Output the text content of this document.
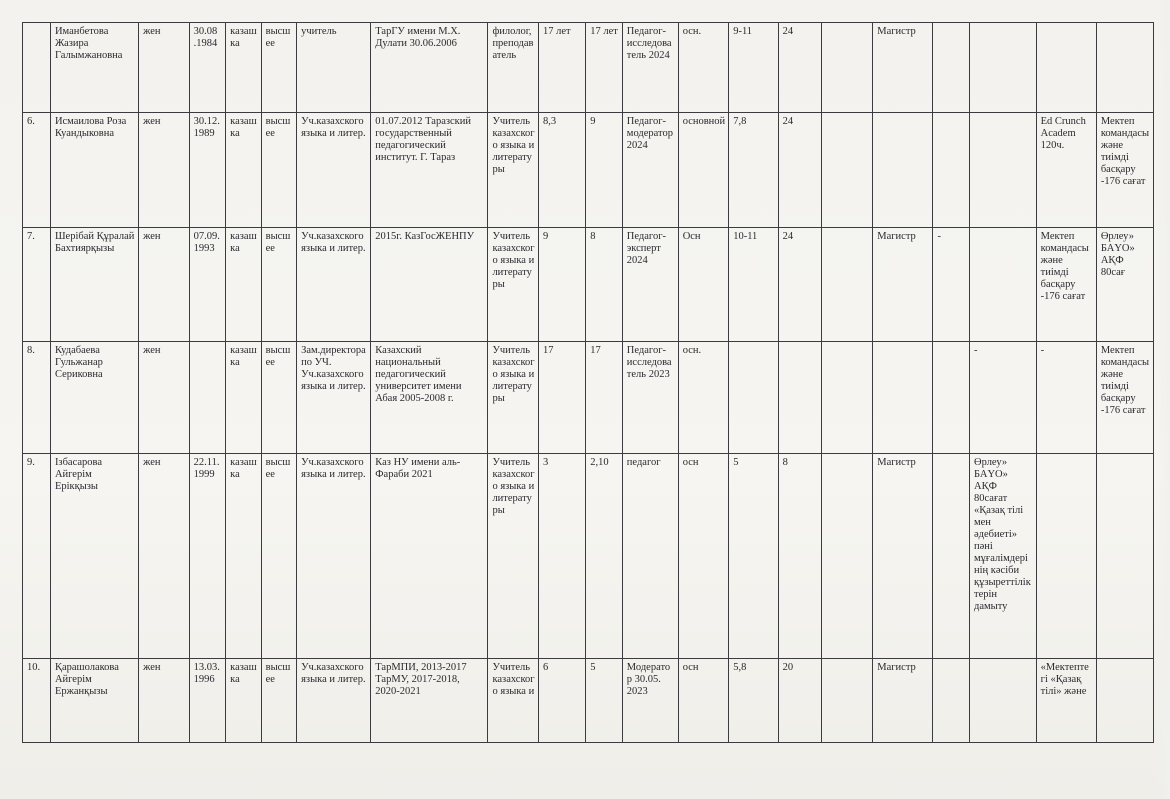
	Иманбетова Жазира Галымжановна	жен	30.08 .1984	казашка	высшее	учитель	ТарГУ имени М.Х. Дулати 30.06.2006	филолог, преподаватель	17 лет	17 лет	Педагог-исследователь 2024	осн.	9-11	24		Магистр				
6.	Исмаилова Роза Куандыковна	жен	30.12. 1989	казашка	высшее	Уч.казахского языка и литер.	01.07.2012 Таразский государственный педагогический институт. Г. Тараз	Учитель казахского языка и литературы	8,3	9	Педагог-модератор 2024	основной	7,8	24					Ed Crunch Academ 120ч.	Мектеп командасы және тиімді басқару -176 сағат
7.	Шерібай Құралай Бахтиярқызы	жен	07.09. 1993	казашка	высшее	Уч.казахского языка и литер.	2015г. КазГосЖЕНПУ	Учитель казахского языка и литературы	9	8	Педагог-эксперт 2024	Осн	10-11	24		Магистр	-		Мектеп командасы және тиімді басқару -176 сағат	Өрлеу» БАҮО» АҚФ 80сағ
8.	Кудабаева Гульжанар Сериковна	жен		казашка	высшее	Зам.директора по УЧ. Уч.казахского языка и литер.	Казахский национальный педагогический университет имени Абая 2005-2008 г.	Учитель казахского языка и литературы	17	17	Педагог-исследователь 2023	осн.						-	-	Мектеп командасы және тиімді басқару -176 сағат
9.	Ізбасарова Айгерім Ерікқызы	жен	22.11. 1999	казашка	высшее	Уч.казахского языка и литер.	Каз НУ имени аль-Фараби 2021	Учитель казахского языка и литературы	3	2,10	педагог	осн	5	8		Магистр		Өрлеу» БАҮО» АҚФ 80сағат «Қазақ тілі мен әдебиеті» пәні мұғалімдерінің кәсіби құзыреттіліктерін дамыту		
10.	Қарашолакова Айгерім Ержанқызы	жен	13.03. 1996	казашка	высшее	Уч.казахского языка и литер.	ТарМПИ, 2013-2017 ТарМУ, 2017-2018, 2020-2021	Учитель казахского языка и	6	5	Модератор 30.05. 2023	осн	5,8	20		Магистр			«Мектептегі «Қазақ тілі» және	
